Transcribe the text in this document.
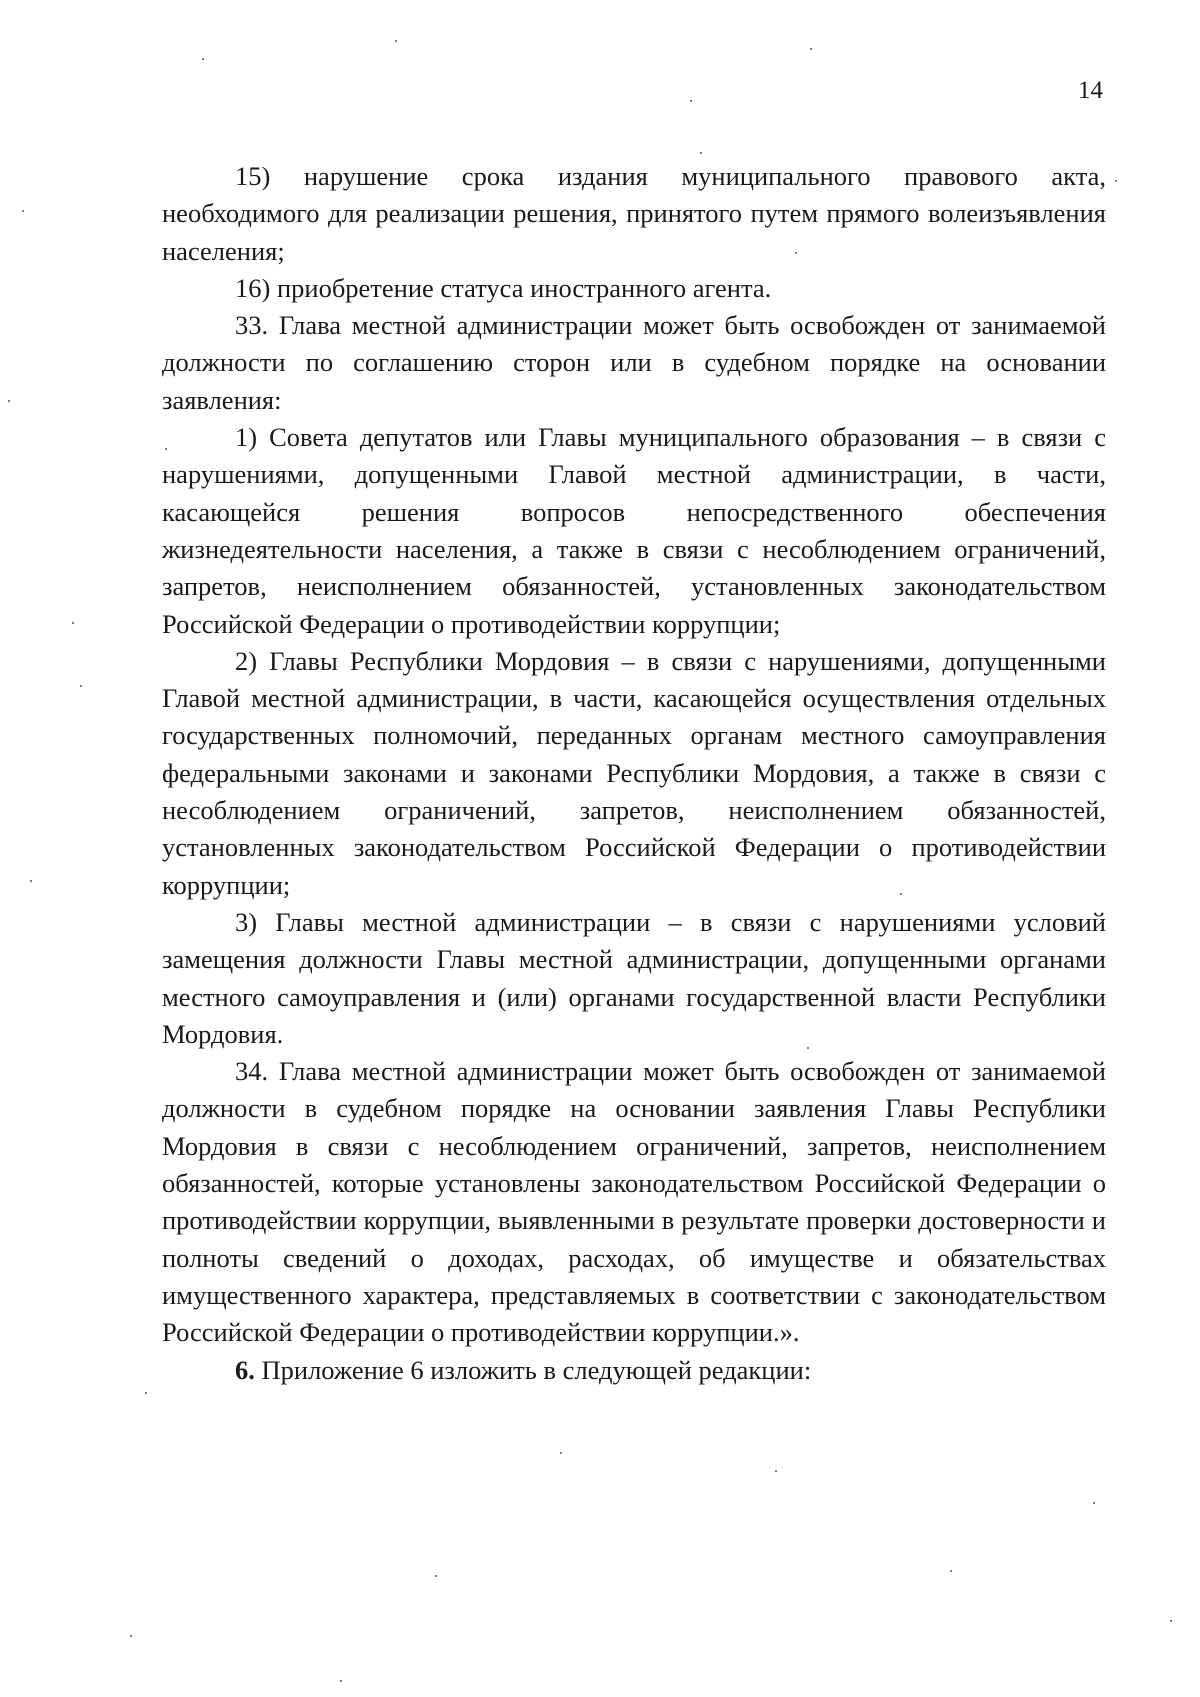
14

15) нарушение срока издания муниципального правового акта, необходимого для реализации решения, принятого путем прямого волеизъявления населения;

16) приобретение статуса иностранного агента.

33. Глава местной администрации может быть освобожден от занимаемой должности по соглашению сторон или в судебном порядке на основании заявления:

1) Совета депутатов или Главы муниципального образования – в связи с нарушениями, допущенными Главой местной администрации, в части, касающейся решения вопросов непосредственного обеспечения жизнедеятельности населения, а также в связи с несоблюдением ограничений, запретов, неисполнением обязанностей, установленных законодательством Российской Федерации о противодействии коррупции;

2) Главы Республики Мордовия – в связи с нарушениями, допущенными Главой местной администрации, в части, касающейся осуществления отдельных государственных полномочий, переданных органам местного самоуправления федеральными законами и законами Республики Мордовия, а также в связи с несоблюдением ограничений, запретов, неисполнением обязанностей, установленных законодательством Российской Федерации о противодействии коррупции;

3) Главы местной администрации – в связи с нарушениями условий замещения должности Главы местной администрации, допущенными органами местного самоуправления и (или) органами государственной власти Республики Мордовия.

34. Глава местной администрации может быть освобожден от занимаемой должности в судебном порядке на основании заявления Главы Республики Мордовия в связи с несоблюдением ограничений, запретов, неисполнением обязанностей, которые установлены законодательством Российской Федерации о противодействии коррупции, выявленными в результате проверки достоверности и полноты сведений о доходах, расходах, об имуществе и обязательствах имущественного характера, представляемых в соответствии с законодательством Российской Федерации о противодействии коррупции.».

6. Приложение 6 изложить в следующей редакции:
